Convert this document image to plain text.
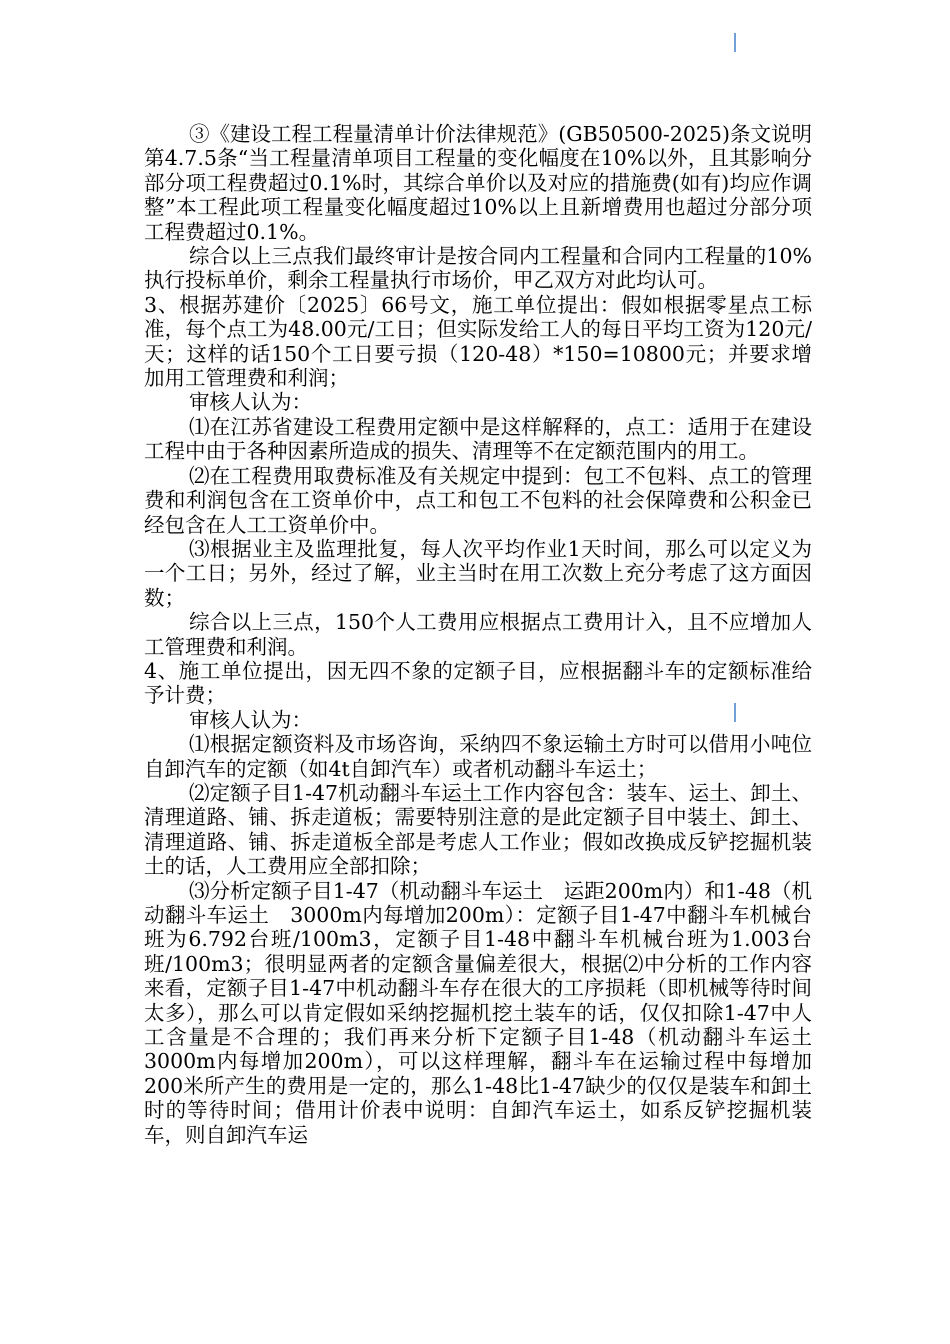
③《建设工程工程量清单计价法律规范》(GB50500-2025)条文说明第4.7.5条“当工程量清单项目工程量的变化幅度在10%以外，且其影响分部分项工程费超过0.1%时，其综合单价以及对应的措施费(如有)均应作调整”本工程此项工程量变化幅度超过10%以上且新增费用也超过分部分项工程费超过0.1%。

综合以上三点我们最终审计是按合同内工程量和合同内工程量的10%执行投标单价，剩余工程量执行市场价，甲乙双方对此均认可。

3、根据苏建价〔2025〕66号文，施工单位提出：假如根据零星点工标准，每个点工为48.00元/工日；但实际发给工人的每日平均工资为120元/天；这样的话150个工日要亏损（120-48）*150=10800元；并要求增加用工管理费和利润；

审核人认为：

⑴在江苏省建设工程费用定额中是这样解释的，点工：适用于在建设工程中由于各种因素所造成的损失、清理等不在定额范围内的用工。

⑵在工程费用取费标准及有关规定中提到：包工不包料、点工的管理费和利润包含在工资单价中，点工和包工不包料的社会保障费和公积金已经包含在人工工资单价中。

⑶根据业主及监理批复，每人次平均作业1天时间，那么可以定义为一个工日；另外，经过了解，业主当时在用工次数上充分考虑了这方面因数；

综合以上三点，150个人工费用应根据点工费用计入，且不应增加人工管理费和利润。

4、施工单位提出，因无四不象的定额子目，应根据翻斗车的定额标准给予计费；

审核人认为：

⑴根据定额资料及市场咨询，采纳四不象运输土方时可以借用小吨位自卸汽车的定额（如4t自卸汽车）或者机动翻斗车运土；

⑵定额子目1-47机动翻斗车运土工作内容包含：装车、运土、卸土、清理道路、铺、拆走道板；需要特别注意的是此定额子目中装土、卸土、清理道路、铺、拆走道板全部是考虑人工作业；假如改换成反铲挖掘机装土的话，人工费用应全部扣除；

⑶分析定额子目1-47（机动翻斗车运土　运距200m内）和1-48（机动翻斗车运土　3000m内每增加200m）：定额子目1-47中翻斗车机械台班为6.792台班/100m3，定额子目1-48中翻斗车机械台班为1.003台班/100m3；很明显两者的定额含量偏差很大，根据⑵中分析的工作内容来看，定额子目1-47中机动翻斗车存在很大的工序损耗（即机械等待时间太多），那么可以肯定假如采纳挖掘机挖土装车的话，仅仅扣除1-47中人工含量是不合理的；我们再来分析下定额子目1-48（机动翻斗车运土 3000m内每增加200m），可以这样理解，翻斗车在运输过程中每增加200米所产生的费用是一定的，那么1-48比1-47缺少的仅仅是装车和卸土时的等待时间；借用计价表中说明：自卸汽车运土，如系反铲挖掘机装车，则自卸汽车运
